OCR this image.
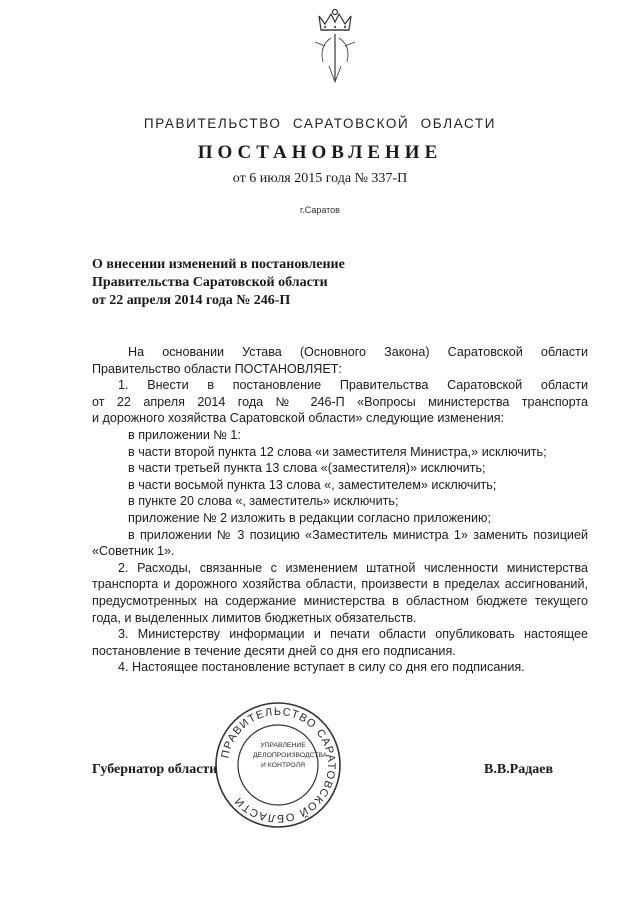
ПРАВИТЕЛЬСТВО САРАТОВСКОЙ ОБЛАСТИ
ПОСТАНОВЛЕНИЕ
от 6 июля 2015 года № 337-П
г.Саратов
О внесении изменений в постановление
Правительства Саратовской области
от 22 апреля 2014 года № 246-П
На основании Устава (Основного Закона) Саратовской области
Правительство области ПОСТАНОВЛЯЕТ:
1. Внести в постановление Правительства Саратовской области
от 22 апреля 2014 года № 246-П «Вопросы министерства транспорта
и дорожного хозяйства Саратовской области» следующие изменения:
в приложении № 1:
в части второй пункта 12 слова «и заместителя Министра,» исключить;
в части третьей пункта 13 слова «(заместителя)» исключить;
в части восьмой пункта 13 слова «, заместителем» исключить;
в пункте 20 слова «, заместитель» исключить;
приложение № 2 изложить в редакции согласно приложению;
в приложении № 3 позицию «Заместитель министра 1» заменить позицией
«Советник 1».
2. Расходы, связанные с изменением штатной численности министерства
транспорта и дорожного хозяйства области, произвести в пределах ассигнований,
предусмотренных на содержание министерства в областном бюджете текущего
года, и выделенных лимитов бюджетных обязательств.
3. Министерству информации и печати области опубликовать настоящее
постановление в течение десяти дней со дня его подписания.
4. Настоящее постановление вступает в силу со дня его подписания.
ПРАВИТЕЛЬСТВО САРАТОВСКОЙ ОБЛАСТИ
УПРАВЛЕНИЕ
ДЕЛОПРОИЗВОДСТВА
И КОНТРОЛЯ
Губернатор области	В.В.Радаев
